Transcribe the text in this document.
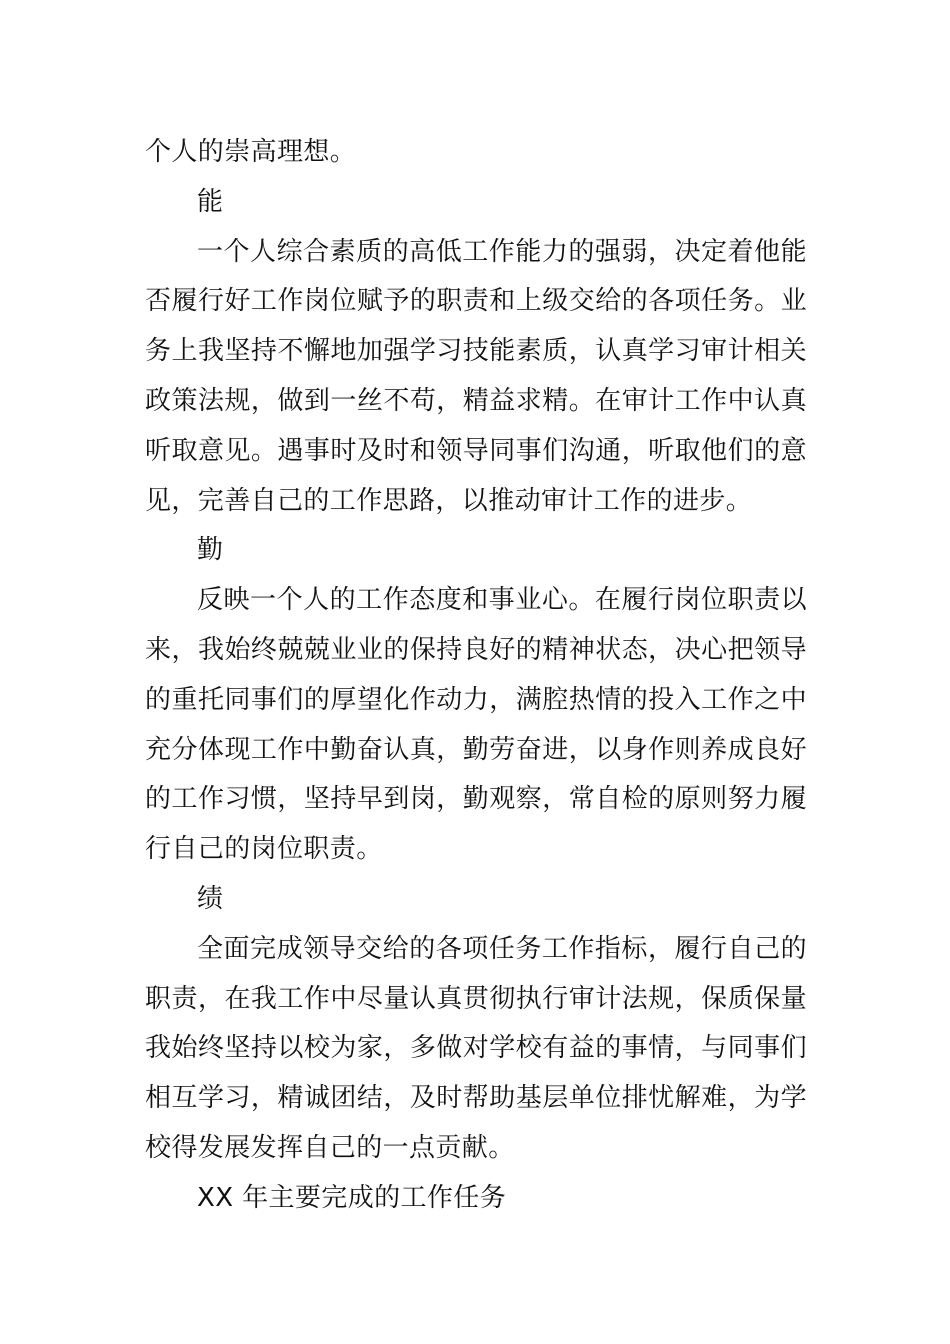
个人的崇高理想。

能

一个人综合素质的高低工作能力的强弱，决定着他能否履行好工作岗位赋予的职责和上级交给的各项任务。业务上我坚持不懈地加强学习技能素质，认真学习审计相关政策法规，做到一丝不苟，精益求精。在审计工作中认真听取意见。遇事时及时和领导同事们沟通，听取他们的意见，完善自己的工作思路，以推动审计工作的进步。

勤

反映一个人的工作态度和事业心。在履行岗位职责以来，我始终兢兢业业的保持良好的精神状态，决心把领导的重托同事们的厚望化作动力，满腔热情的投入工作之中充分体现工作中勤奋认真，勤劳奋进，以身作则养成良好的工作习惯，坚持早到岗，勤观察，常自检的原则努力履行自己的岗位职责。

绩

全面完成领导交给的各项任务工作指标，履行自己的职责，在我工作中尽量认真贯彻执行审计法规，保质保量我始终坚持以校为家，多做对学校有益的事情，与同事们相互学习，精诚团结，及时帮助基层单位排忧解难，为学校得发展发挥自己的一点贡献。

XX 年主要完成的工作任务
